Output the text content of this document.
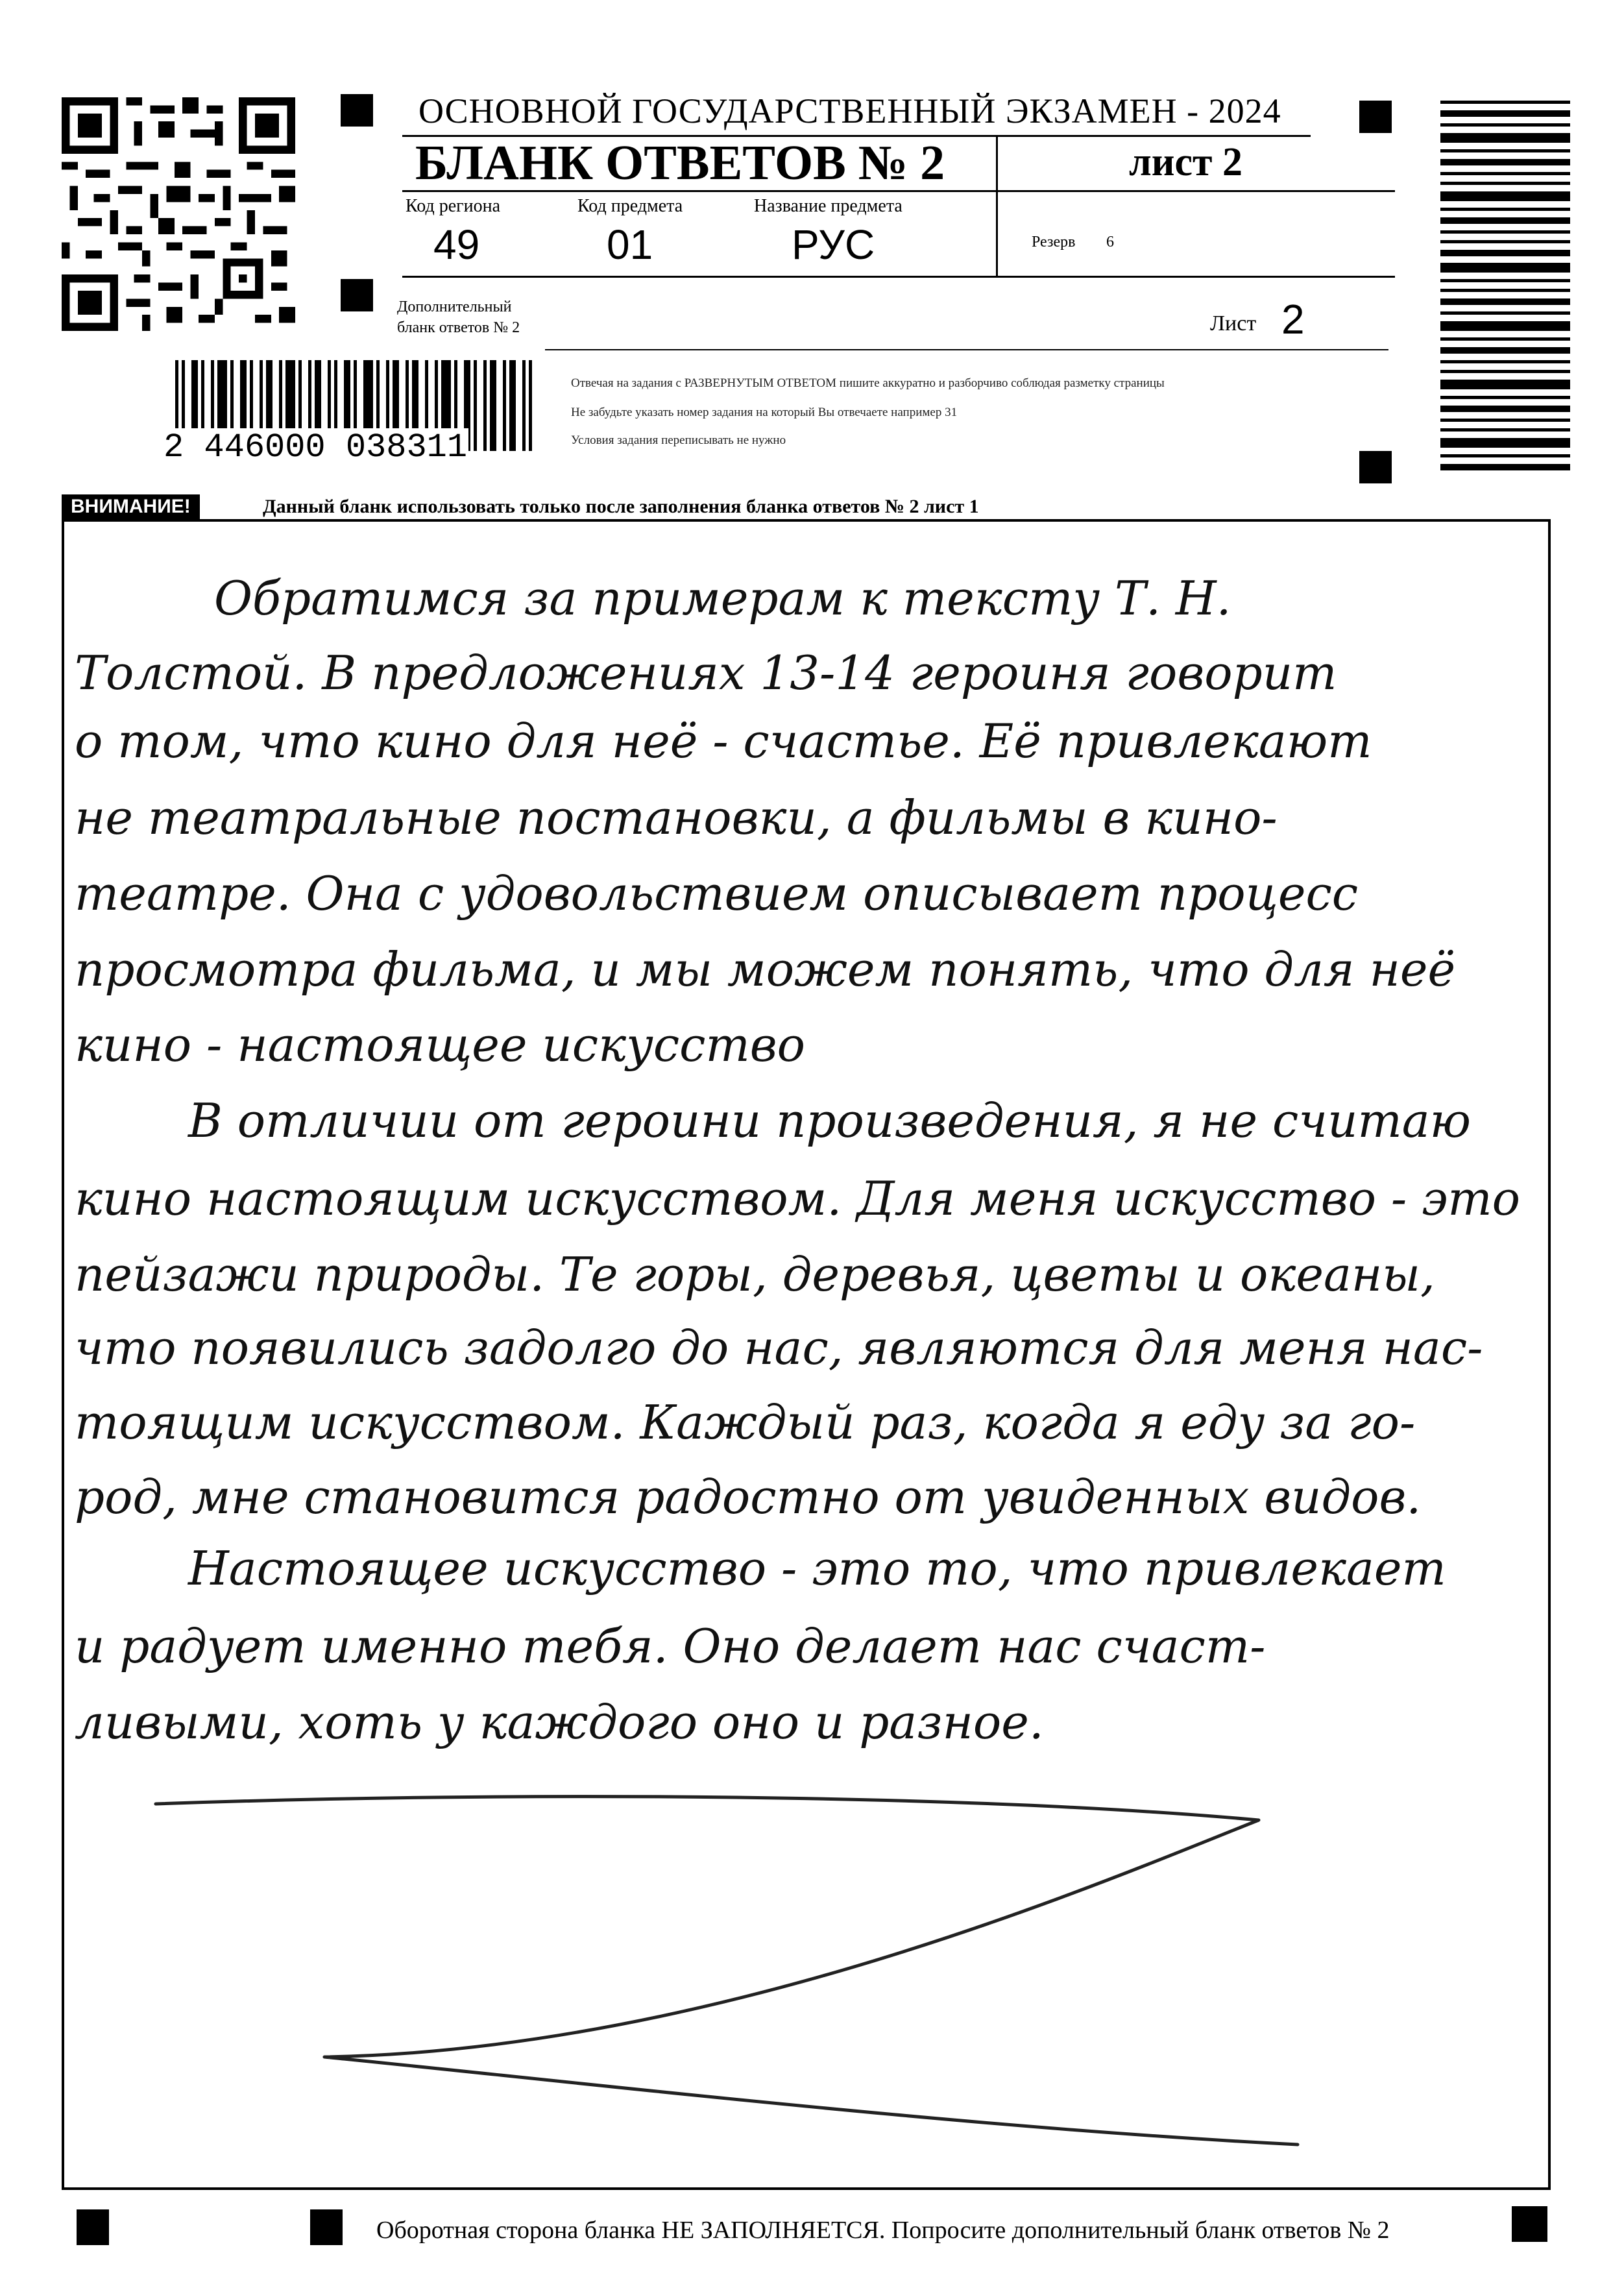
ОСНОВНОЙ ГОСУДАРСТВЕННЫЙ ЭКЗАМЕН - 2024
БЛАНК ОТВЕТОВ № 2	лист 2
Код региона
49
Код предмета
01
Название предмета
РУС	Резерв 6
Дополнительный
бланк ответов № 2	Лист 2
Отвечая на задания с РАЗВЕРНУТЫМ ОТВЕТОМ пишите аккуратно и разборчиво соблюдая разметку страницы
Не забудьте указать номер задания на который Вы отвечаете например 31
Условия задания переписывать не нужно
2 446000 038311
ВНИМАНИЕ!	Данный бланк использовать только после заполнения бланка ответов № 2 лист 1
Обратимся за примерам к тексту Т. Н.
Толстой. В предложениях 13-14 героиня говорит
о том, что кино для неё - счастье. Её привлекают
не театральные постановки, а фильмы в кино-
театре. Она с удовольствием описывает процесс
просмотра фильма, и мы можем понять, что для неё
кино - настоящее искусство
В отличии от героини произведения, я не считаю
кино настоящим искусством. Для меня искусство - это
пейзажи природы. Те горы, деревья, цветы и океаны,
что появились задолго до нас, являются для меня нас-
тоящим искусством. Каждый раз, когда я еду за го-
род, мне становится радостно от увиденных видов.
Настоящее искусство - это то, что привлекает
и радует именно тебя. Оно делает нас счаст-
ливыми, хоть у каждого оно и разное.
Оборотная сторона бланка НЕ ЗАПОЛНЯЕТСЯ. Попросите дополнительный бланк ответов № 2
